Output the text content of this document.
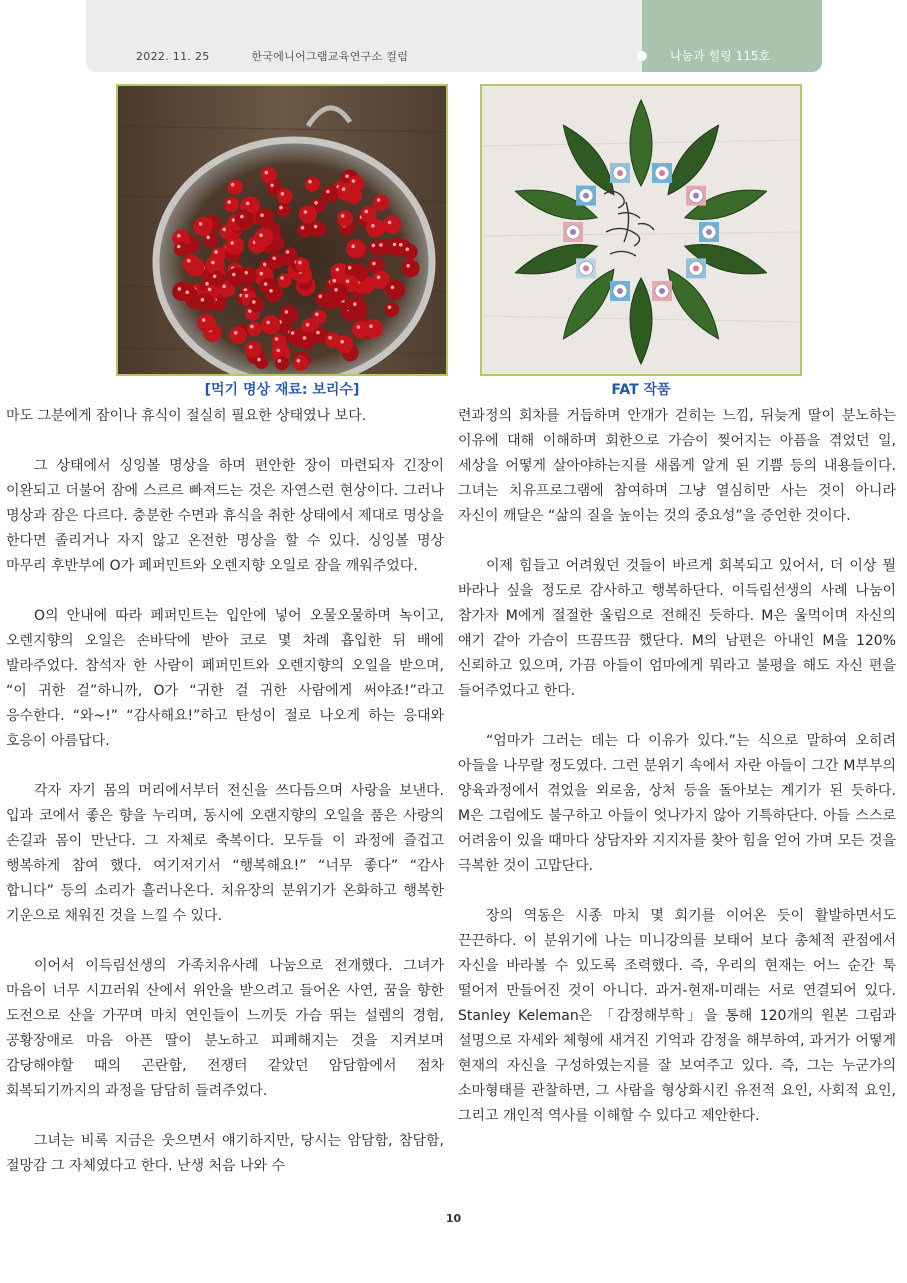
2022. 11. 25	한국에니어그램교육연구소 컬럼	나눔과 힐링 115호
[먹기 명상 재료: 보리수]	FAT 작품

마도 그분에게 잠이나 휴식이 절실히 필요한 상태였나 보다.

그 상태에서 싱잉볼 명상을 하며 편안한 장이 마련되자 긴장이 이완되고 더불어 잠에 스르르 빠져드는 것은 자연스런 현상이다. 그러나 명상과 잠은 다르다. 충분한 수면과 휴식을 취한 상태에서 제대로 명상을 한다면 졸리거나 자지 않고 온전한 명상을 할 수 있다. 싱잉볼 명상 마무리 후반부에 O가 페퍼민트와 오렌지향 오일로 잠을 깨워주었다.

O의 안내에 따라 페퍼민트는 입안에 넣어 오물오물하며 녹이고, 오렌지향의 오일은 손바닥에 받아 코로 몇 차례 흡입한 뒤 배에 발라주었다. 참석자 한 사람이 페퍼민트와 오렌지향의 오일을 받으며, “이 귀한 걸”하니까, O가 “귀한 걸 귀한 사람에게 써야죠!”라고 응수한다. “와~!” “감사해요!”하고 탄성이 절로 나오게 하는 응대와 호응이 아름답다.

각자 자기 몸의 머리에서부터 전신을 쓰다듬으며 사랑을 보낸다. 입과 코에서 좋은 향을 누리며, 동시에 오랜지향의 오일을 품은 사랑의 손길과 몸이 만난다. 그 자체로 축복이다. 모두들 이 과정에 즐겁고 행복하게 참여 했다. 여기저기서 “행복해요!” “너무 좋다” “감사 합니다” 등의 소리가 흘러나온다. 치유장의 분위기가 온화하고 행복한 기운으로 채워진 것을 느낄 수 있다.

이어서 이득림선생의 가족치유사례 나눔으로 전개했다. 그녀가 마음이 너무 시끄러워 산에서 위안을 받으려고 들어온 사연, 꿈을 향한 도전으로 산을 가꾸며 마치 연인들이 느끼듯 가슴 뛰는 설렘의 경험, 공황장애로 마음 아픈 딸이 분노하고 피폐해지는 것을 지켜보며 감당해야할 때의 곤란함, 전쟁터 같았던 암담함에서 점차 회복되기까지의 과정을 담담히 들려주었다.

그녀는 비록 지금은 웃으면서 얘기하지만, 당시는 암담함, 참담함, 절망감 그 자체였다고 한다. 난생 처음 나와 수

련과정의 회차를 거듭하며 안개가 걷히는 느낌, 뒤늦게 딸이 분노하는 이유에 대해 이해하며 회한으로 가슴이 찢어지는 아픔을 겪었던 일, 세상을 어떻게 살아야하는지를 새롭게 알게 된 기쁨 등의 내용들이다. 그녀는 치유프로그램에 참여하며 그냥 열심히만 사는 것이 아니라 자신이 깨달은 “삶의 질을 높이는 것의 중요성”을 증언한 것이다.

이제 힘들고 어려웠던 것들이 바르게 회복되고 있어서, 더 이상 뭘 바라나 싶을 정도로 감사하고 행복하단다. 이득림선생의 사례 나눔이 참가자 M에게 절절한 울림으로 전해진 듯하다. M은 울먹이며 자신의 얘기 같아 가슴이 뜨끔뜨끔 했단다. M의 남편은 아내인 M을 120% 신뢰하고 있으며, 가끔 아들이 엄마에게 뭐라고 불평을 해도 자신 편을 들어주었다고 한다.

“엄마가 그러는 데는 다 이유가 있다.”는 식으로 말하여 오히려 아들을 나무랄 정도였다. 그런 분위기 속에서 자란 아들이 그간 M부부의 양육과정에서 겪었을 외로움, 상처 등을 돌아보는 계기가 된 듯하다. M은 그럼에도 불구하고 아들이 엇나가지 않아 기특하단다. 아들 스스로 어려움이 있을 때마다 상담자와 지지자를 찾아 힘을 얻어 가며 모든 것을 극복한 것이 고맙단다.

장의 역동은 시종 마치 몇 회기를 이어온 듯이 활발하면서도 끈끈하다. 이 분위기에 나는 미니강의를 보태어 보다 총체적 관점에서 자신을 바라볼 수 있도록 조력했다. 즉, 우리의 현재는 어느 순간 툭 떨어져 만들어진 것이 아니다. 과거-현재-미래는 서로 연결되어 있다. Stanley Keleman은 「감정해부학」을 통해 120개의 원본 그림과 설명으로 자세와 체형에 새겨진 기억과 감정을 해부하여, 과거가 어떻게 현재의 자신을 구성하였는지를 잘 보여주고 있다. 즉, 그는 누군가의 소마형태를 관찰하면, 그 사람을 형상화시킨 유전적 요인, 사회적 요인, 그리고 개인적 역사를 이해할 수 있다고 제안한다.

10
